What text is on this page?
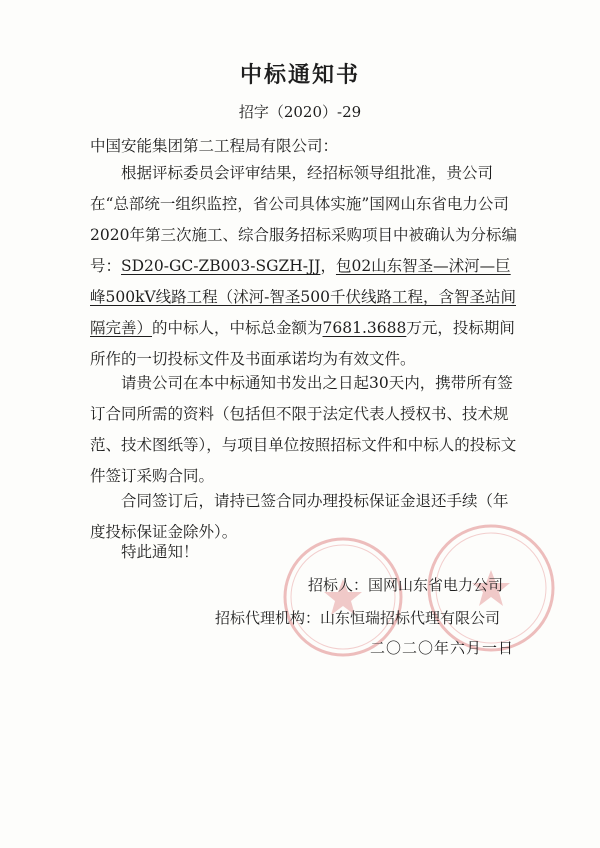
中标通知书
招字（2020）-29
中国安能集团第二工程局有限公司：
根据评标委员会评审结果，经招标领导组批准，贵公司在“总部统一组织监控，省公司具体实施”国网山东省电力公司2020年第三次施工、综合服务招标采购项目中被确认为分标编号：SD20-GC-ZB003-SGZH-JJ，包02山东智圣—沭河—巨峰500kV线路工程（沭河-智圣500千伏线路工程，含智圣站间隔完善）的中标人，中标总金额为7681.3688万元，投标期间所作的一切投标文件及书面承诺均为有效文件。
请贵公司在本中标通知书发出之日起30天内，携带所有签订合同所需的资料（包括但不限于法定代表人授权书、技术规范、技术图纸等），与项目单位按照招标文件和中标人的投标文件签订采购合同。
合同签订后，请持已签合同办理投标保证金退还手续（年度投标保证金除外）。
特此通知！
招标人：国网山东省电力公司
招标代理机构：山东恒瑞招标代理有限公司
二〇二〇年六月一日
